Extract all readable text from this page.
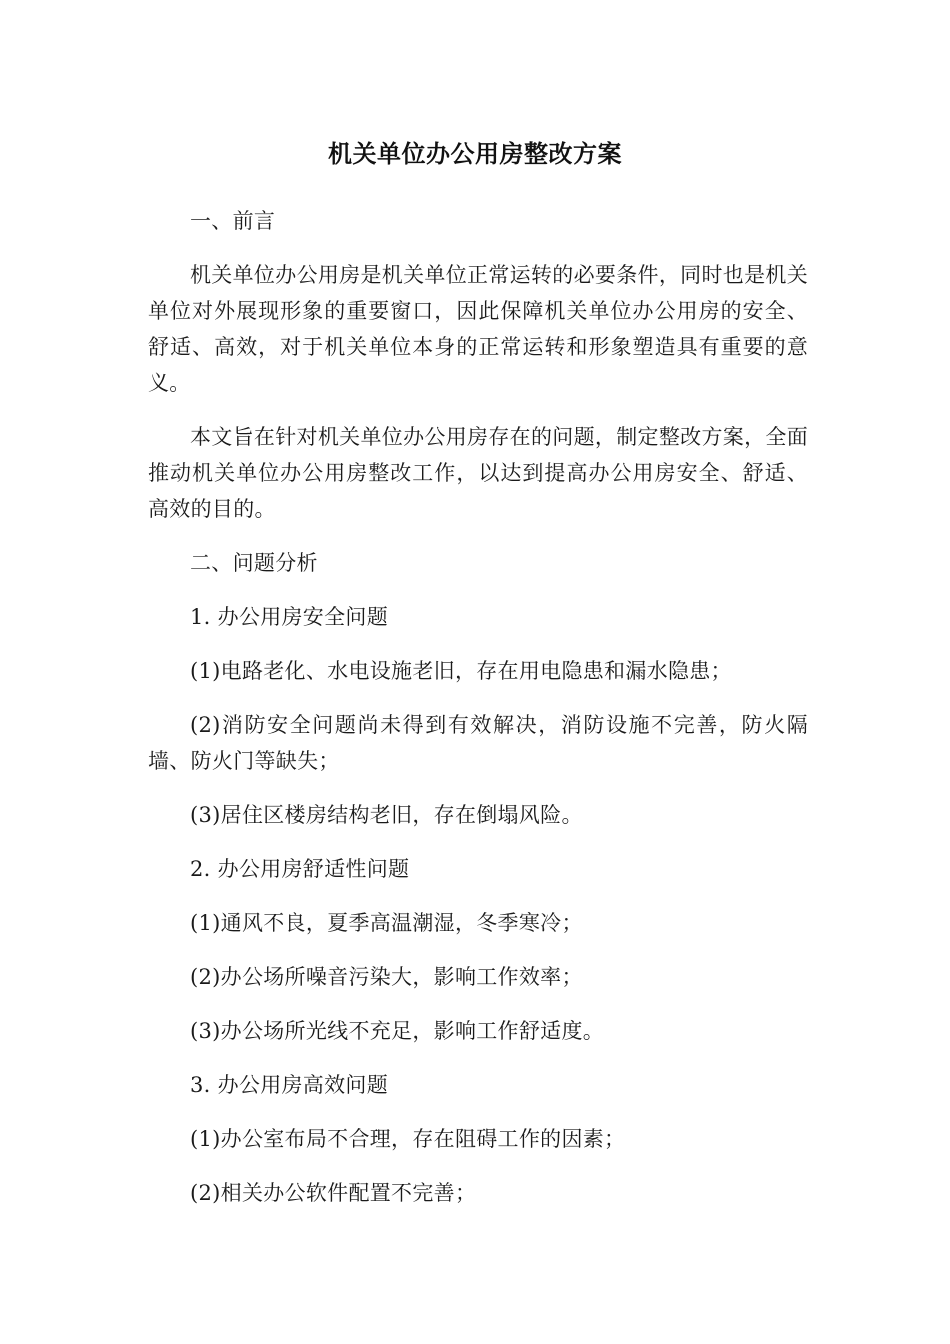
机关单位办公用房整改方案

一、前言

机关单位办公用房是机关单位正常运转的必要条件，同时也是机关单位对外展现形象的重要窗口，因此保障机关单位办公用房的安全、舒适、高效，对于机关单位本身的正常运转和形象塑造具有重要的意义。

本文旨在针对机关单位办公用房存在的问题，制定整改方案，全面推动机关单位办公用房整改工作，以达到提高办公用房安全、舒适、高效的目的。

二、问题分析

1. 办公用房安全问题

(1)电路老化、水电设施老旧，存在用电隐患和漏水隐患；

(2)消防安全问题尚未得到有效解决，消防设施不完善，防火隔墙、防火门等缺失；

(3)居住区楼房结构老旧，存在倒塌风险。

2. 办公用房舒适性问题

(1)通风不良，夏季高温潮湿，冬季寒冷；

(2)办公场所噪音污染大，影响工作效率；

(3)办公场所光线不充足，影响工作舒适度。

3. 办公用房高效问题

(1)办公室布局不合理，存在阻碍工作的因素；

(2)相关办公软件配置不完善；
